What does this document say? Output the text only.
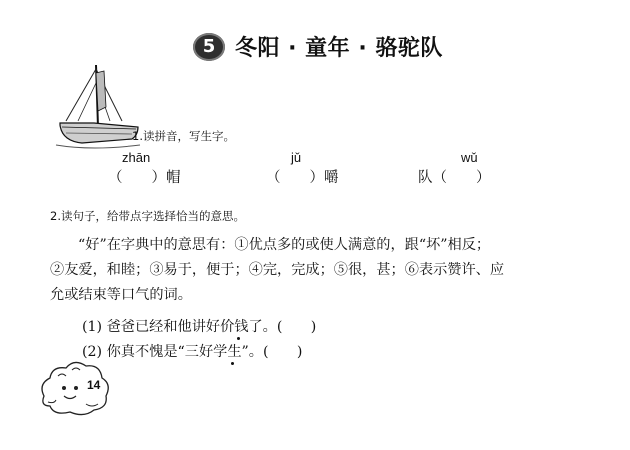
5 冬阳 · 童年 · 骆驼队
1.读拼音，写生字。
zhān
（　　）帽
jǔ
（　　）嚼
wǔ
队（　　）
2.读句子，给带点字选择恰当的意思。
“好”在字典中的意思有：①优点多的或使人满意的，跟“坏”相反；
②友爱，和睦；③易于，便于；④完，完成；⑤很，甚；⑥表示赞许、应
允或结束等口气的词。
(1) 爸爸已经和他讲好价钱了。(　　)
(2) 你真不愧是“三好学生”。(　　)
14
